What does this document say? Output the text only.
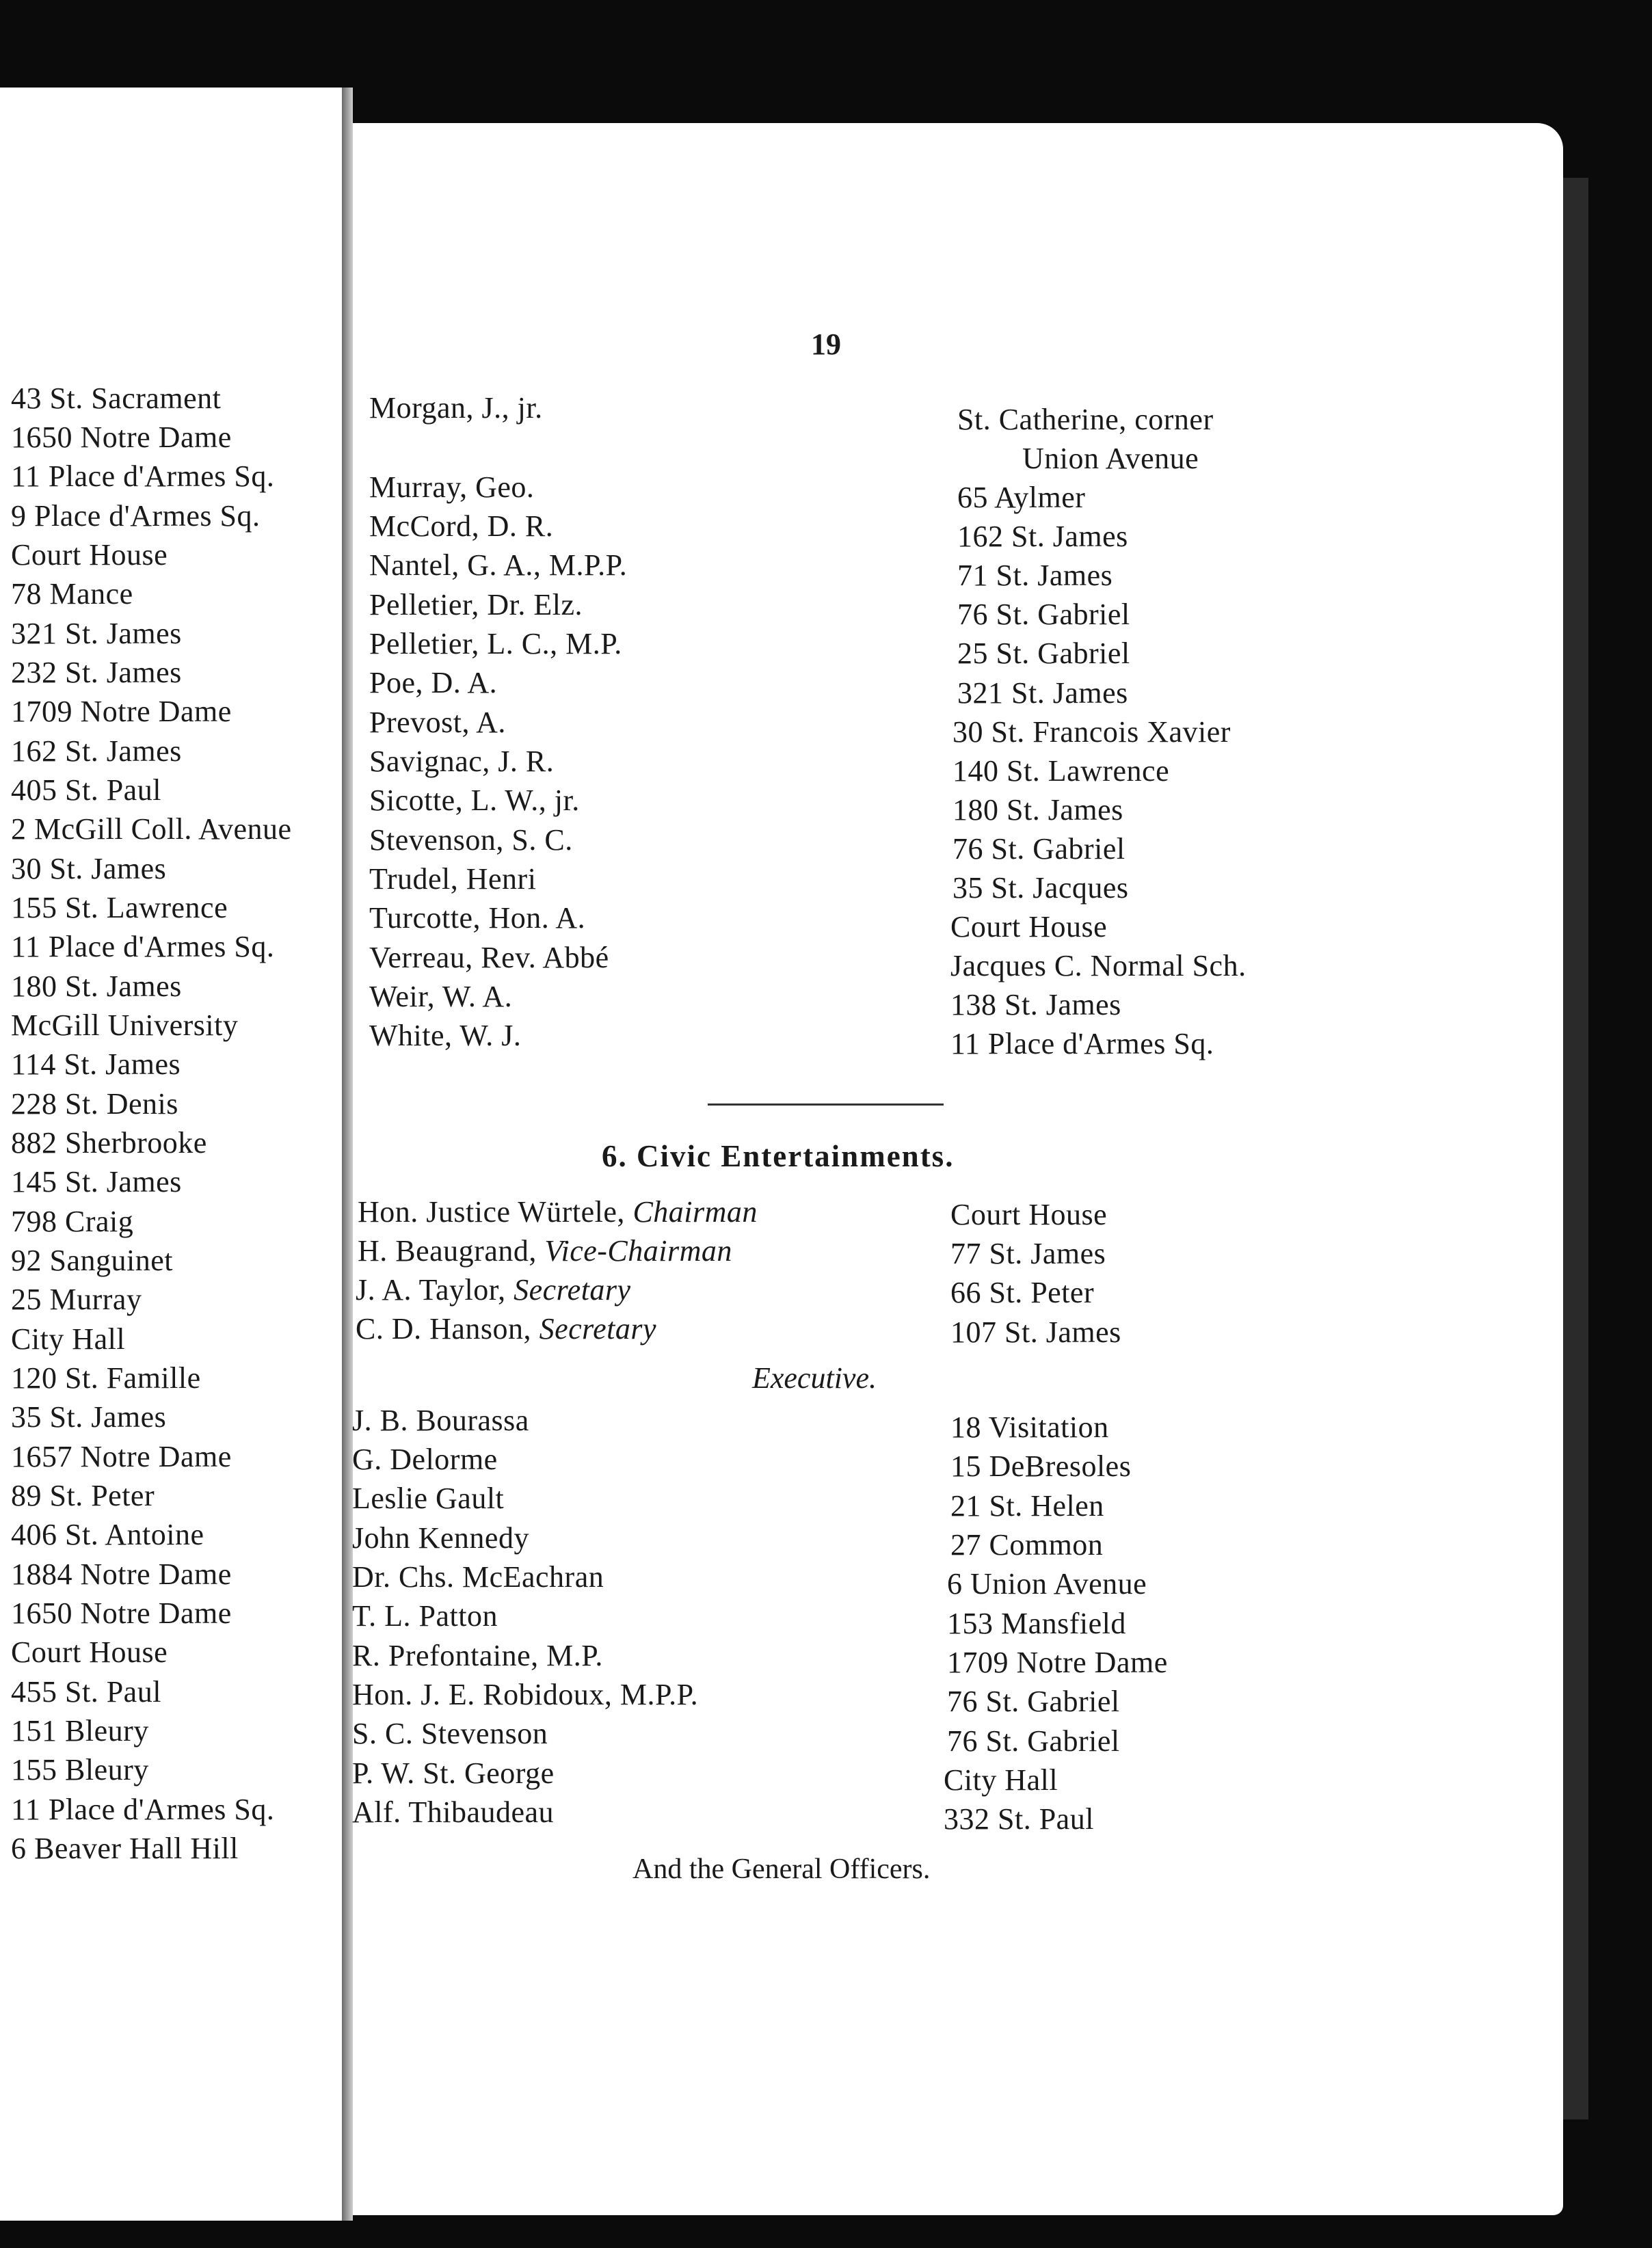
19
43 St. Sacrament
1650 Notre Dame
11 Place d'Armes Sq.
9 Place d'Armes Sq.
Court House
78 Mance
321 St. James
232 St. James
1709 Notre Dame
162 St. James
405 St. Paul
2 McGill Coll. Avenue
30 St. James
155 St. Lawrence
11 Place d'Armes Sq.
180 St. James
McGill University
114 St. James
228 St. Denis
882 Sherbrooke
145 St. James
798 Craig
92 Sanguinet
25 Murray
City Hall
120 St. Famille
35 St. James
1657 Notre Dame
89 St. Peter
406 St. Antoine
1884 Notre Dame
1650 Notre Dame
Court House
455 St. Paul
151 Bleury
155 Bleury
11 Place d'Armes Sq.
6 Beaver Hall Hill
Morgan, J., jr.
Murray, Geo.
McCord, D. R.
Nantel, G. A., M.P.P.
Pelletier, Dr. Elz.
Pelletier, L. C., M.P.
Poe, D. A.
Prevost, A.
Savignac, J. R.
Sicotte, L. W., jr.
Stevenson, S. C.
Trudel, Henri
Turcotte, Hon. A.
Verreau, Rev. Abbé
Weir, W. A.
White, W. J.
St. Catherine, corner
Union Avenue
65 Aylmer
162 St. James
71 St. James
76 St. Gabriel
25 St. Gabriel
321 St. James
30 St. Francois Xavier
140 St. Lawrence
180 St. James
76 St. Gabriel
35 St. Jacques
Court House
Jacques C. Normal Sch.
138 St. James
11 Place d'Armes Sq.
6. Civic Entertainments.
Hon. Justice Würtele, Chairman
H. Beaugrand, Vice-Chairman
J. A. Taylor, Secretary
C. D. Hanson, Secretary
Court House
77 St. James
66 St. Peter
107 St. James
Executive.
J. B. Bourassa
G. Delorme
Leslie Gault
John Kennedy
Dr. Chs. McEachran
T. L. Patton
R. Prefontaine, M.P.
Hon. J. E. Robidoux, M.P.P.
S. C. Stevenson
P. W. St. George
Alf. Thibaudeau
18 Visitation
15 DeBresoles
21 St. Helen
27 Common
6 Union Avenue
153 Mansfield
1709 Notre Dame
76 St. Gabriel
76 St. Gabriel
City Hall
332 St. Paul
And the General Officers.
